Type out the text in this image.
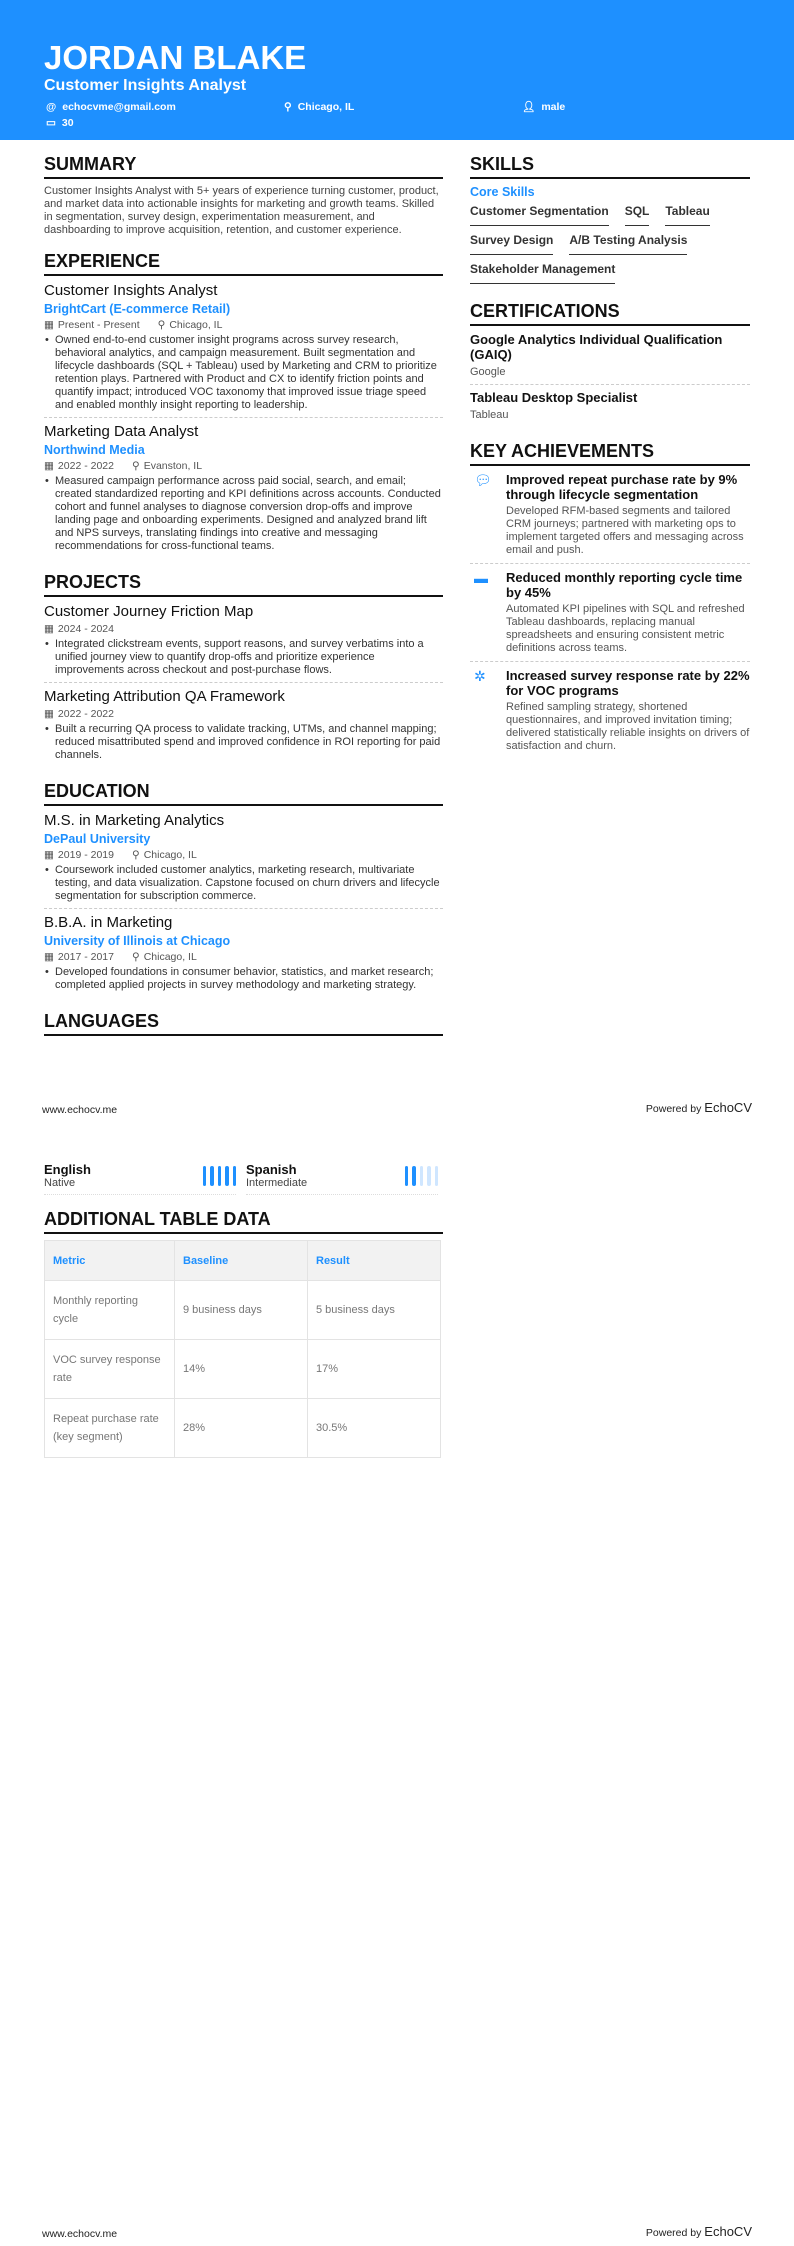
JORDAN BLAKE
Customer Insights Analyst
@ echocvme@gmail.com	⚲ Chicago, IL	👤︎ male
▭ 30
SUMMARY
Customer Insights Analyst with 5+ years of experience turning customer, product, and market data into actionable insights for marketing and growth teams. Skilled in segmentation, survey design, experimentation measurement, and dashboarding to improve acquisition, retention, and customer experience.
EXPERIENCE
Customer Insights Analyst
BrightCart (E-commerce Retail)
▦ Present - Present ⚲ Chicago, IL
• Owned end-to-end customer insight programs across survey research, behavioral analytics, and campaign measurement. Built segmentation and lifecycle dashboards (SQL + Tableau) used by Marketing and CRM to prioritize retention plays. Partnered with Product and CX to identify friction points and quantify impact; introduced VOC taxonomy that improved issue triage speed and enabled monthly insight reporting to leadership.
Marketing Data Analyst
Northwind Media
▦ 2022 - 2022 ⚲ Evanston, IL
• Measured campaign performance across paid social, search, and email; created standardized reporting and KPI definitions across accounts. Conducted cohort and funnel analyses to diagnose conversion drop-offs and improve landing page and onboarding experiments. Designed and analyzed brand lift and NPS surveys, translating findings into creative and messaging recommendations for cross-functional teams.
PROJECTS
Customer Journey Friction Map
▦ 2024 - 2024
• Integrated clickstream events, support reasons, and survey verbatims into a unified journey view to quantify drop-offs and prioritize experience improvements across checkout and post-purchase flows.
Marketing Attribution QA Framework
▦ 2022 - 2022
• Built a recurring QA process to validate tracking, UTMs, and channel mapping; reduced misattributed spend and improved confidence in ROI reporting for paid channels.
EDUCATION
M.S. in Marketing Analytics
DePaul University
▦ 2019 - 2019 ⚲ Chicago, IL
• Coursework included customer analytics, marketing research, multivariate testing, and data visualization. Capstone focused on churn drivers and lifecycle segmentation for subscription commerce.
B.B.A. in Marketing
University of Illinois at Chicago
▦ 2017 - 2017 ⚲ Chicago, IL
• Developed foundations in consumer behavior, statistics, and market research; completed applied projects in survey methodology and marketing strategy.
LANGUAGES
SKILLS
Core Skills
Customer Segmentation SQL Tableau
Survey Design A/B Testing Analysis
Stakeholder Management
CERTIFICATIONS
Google Analytics Individual Qualification (GAIQ)
Google
Tableau Desktop Specialist
Tableau
KEY ACHIEVEMENTS
💬︎	Improved repeat purchase rate by 9% through lifecycle segmentation
Developed RFM-based segments and tailored CRM journeys; partnered with marketing ops to implement targeted offers and messaging across email and push.
▬	Reduced monthly reporting cycle time by 45%
Automated KPI pipelines with SQL and refreshed Tableau dashboards, replacing manual spreadsheets and ensuring consistent metric definitions across teams.
✲	Increased survey response rate by 22% for VOC programs
Refined sampling strategy, shortened questionnaires, and improved invitation timing; delivered statistically reliable insights on drivers of satisfaction and churn.
www.echocv.me	Powered by EchoCV
English
Native
Spanish
Intermediate
ADDITIONAL TABLE DATA
Metric	Baseline	Result
Monthly reporting cycle	9 business days	5 business days
VOC survey response rate	14%	17%
Repeat purchase rate (key segment)	28%	30.5%
www.echocv.me	Powered by EchoCV
